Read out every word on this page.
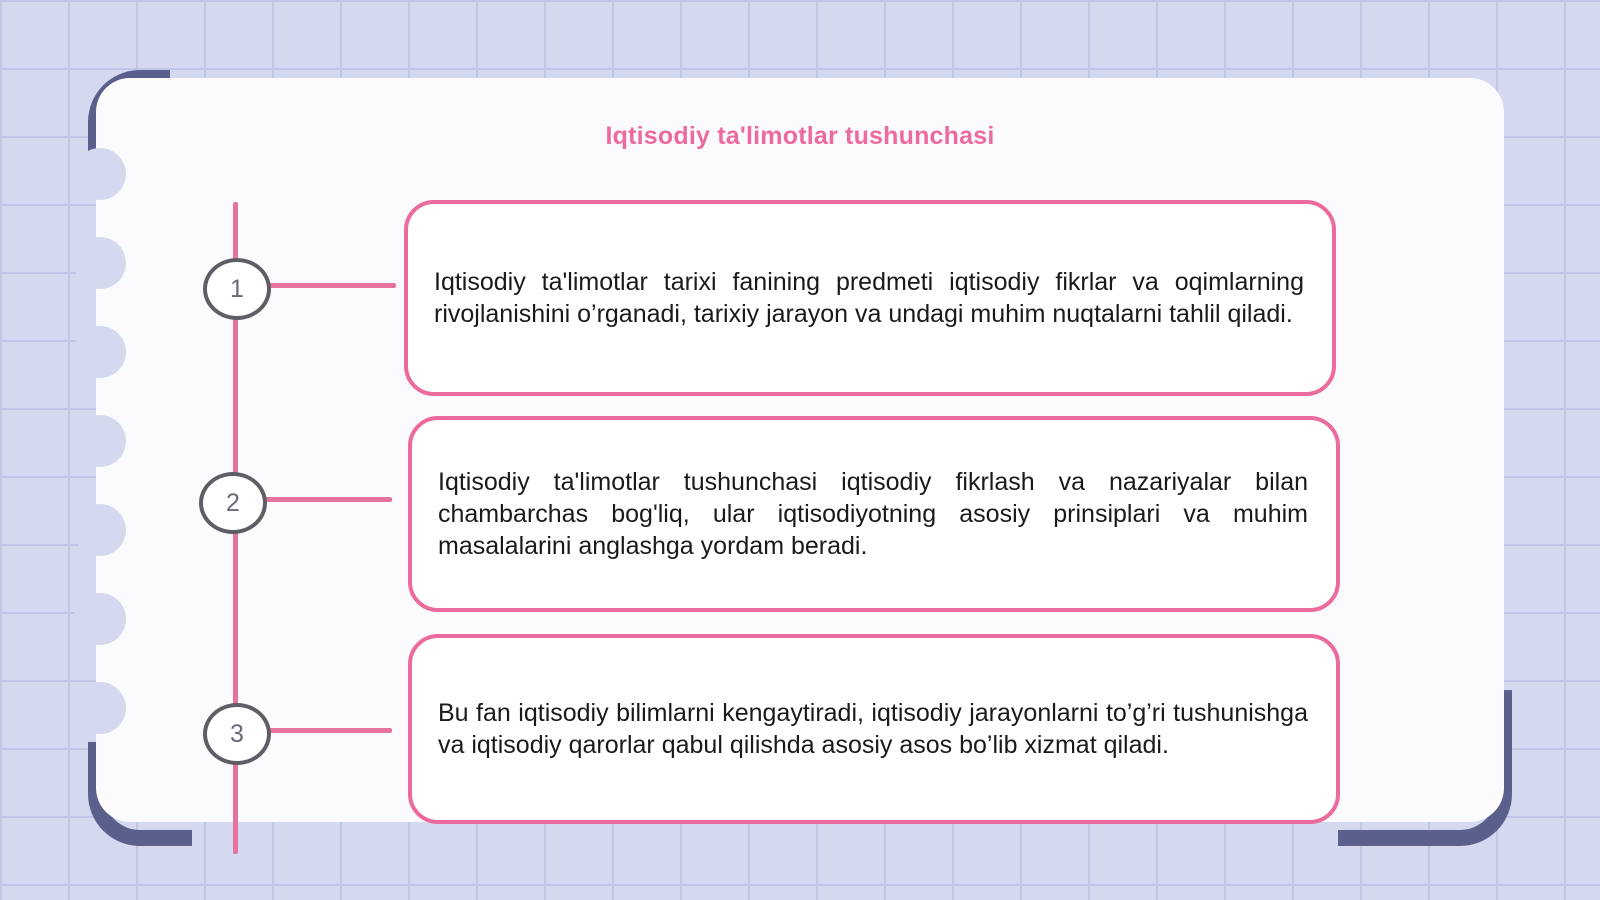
Iqtisodiy ta'limotlar tushunchasi
1
2
3
Iqtisodiy ta'limotlar tarixi fanining predmeti iqtisodiy fikrlar va oqimlarning rivojlanishini o’rganadi, tarixiy jarayon va undagi muhim nuqtalarni tahlil qiladi.
Iqtisodiy ta'limotlar tushunchasi iqtisodiy fikrlash va nazariyalar bilan chambarchas bog'liq, ular iqtisodiyotning asosiy prinsiplari va muhim masalalarini anglashga yordam beradi.
Bu fan iqtisodiy bilimlarni kengaytiradi, iqtisodiy jarayonlarni to’g’ri tushunishga va iqtisodiy qarorlar qabul qilishda asosiy asos bo’lib xizmat qiladi.
